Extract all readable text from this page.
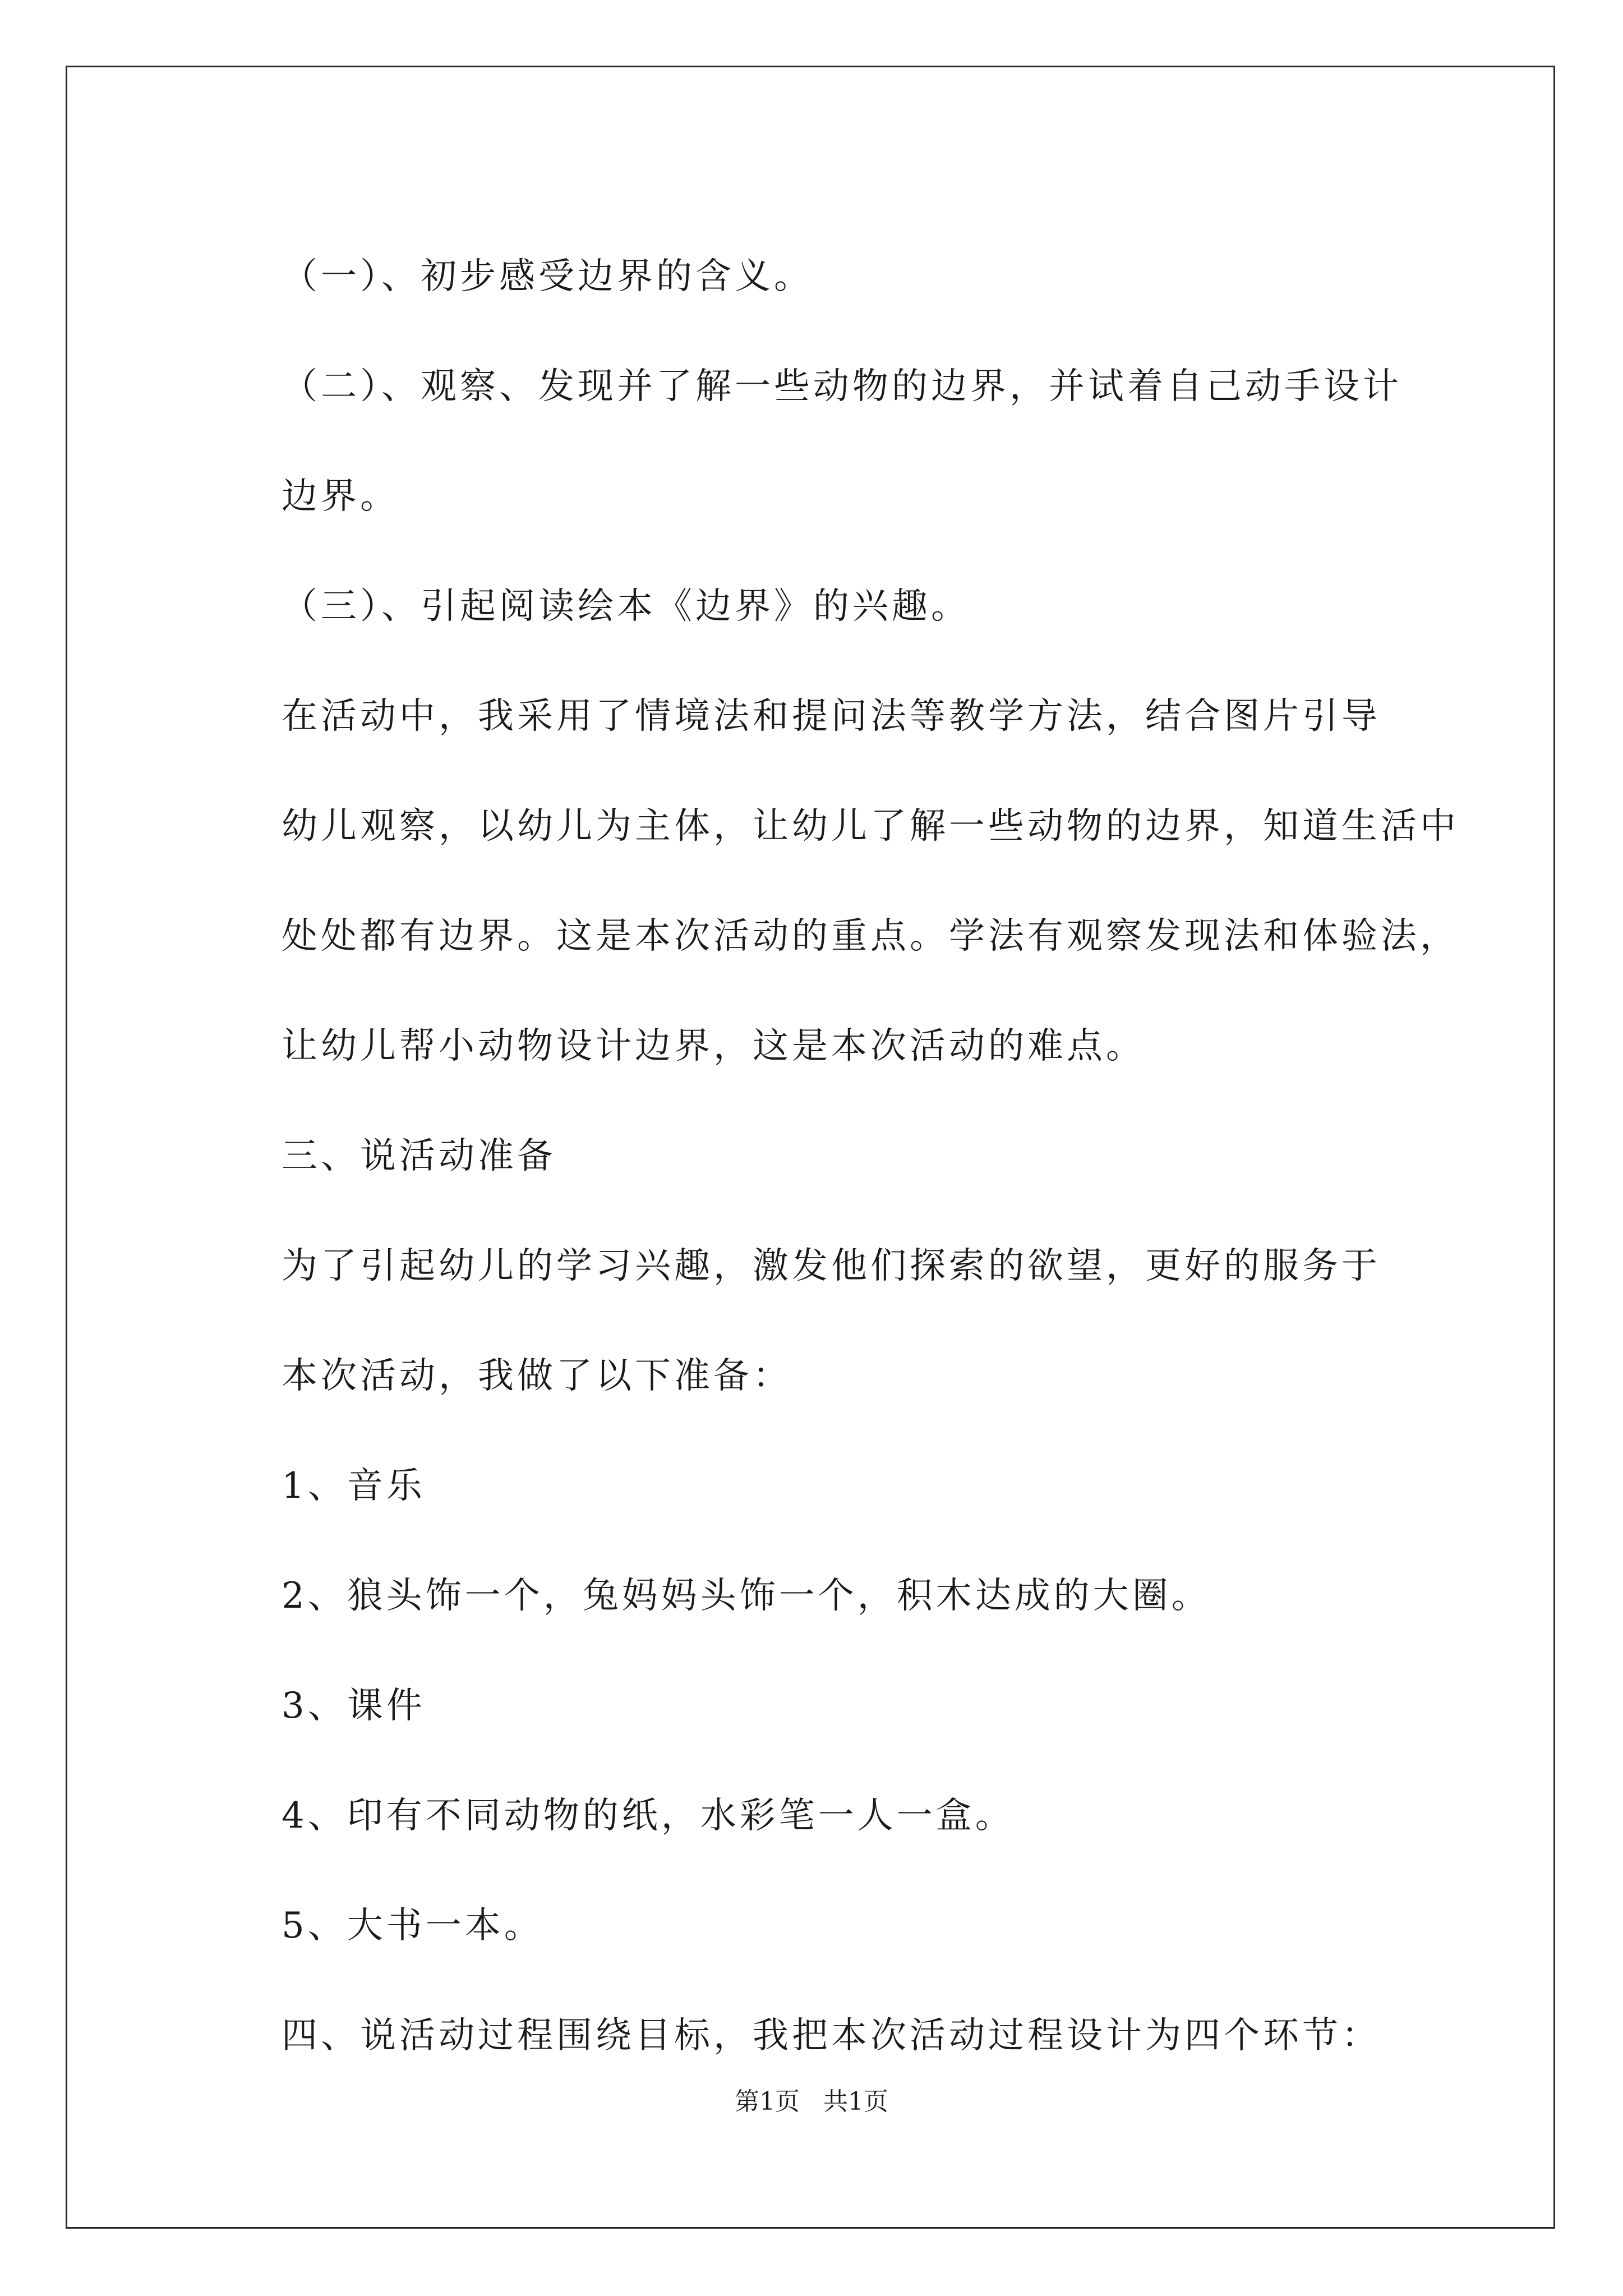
（一）、初步感受边界的含义。

（二）、观察、发现并了解一些动物的边界，并试着自己动手设计
边界。

（三）、引起阅读绘本《边界》的兴趣。

在活动中，我采用了情境法和提问法等教学方法，结合图片引导
幼儿观察，以幼儿为主体，让幼儿了解一些动物的边界，知道生活中
处处都有边界。这是本次活动的重点。学法有观察发现法和体验法，
让幼儿帮小动物设计边界，这是本次活动的难点。

三、说活动准备

为了引起幼儿的学习兴趣，激发他们探索的欲望，更好的服务于
本次活动，我做了以下准备：

1、音乐

2、狼头饰一个，兔妈妈头饰一个，积木达成的大圈。

3、课件

4、印有不同动物的纸，水彩笔一人一盒。

5、大书一本。

四、说活动过程围绕目标，我把本次活动过程设计为四个环节：

第1页   共1页
